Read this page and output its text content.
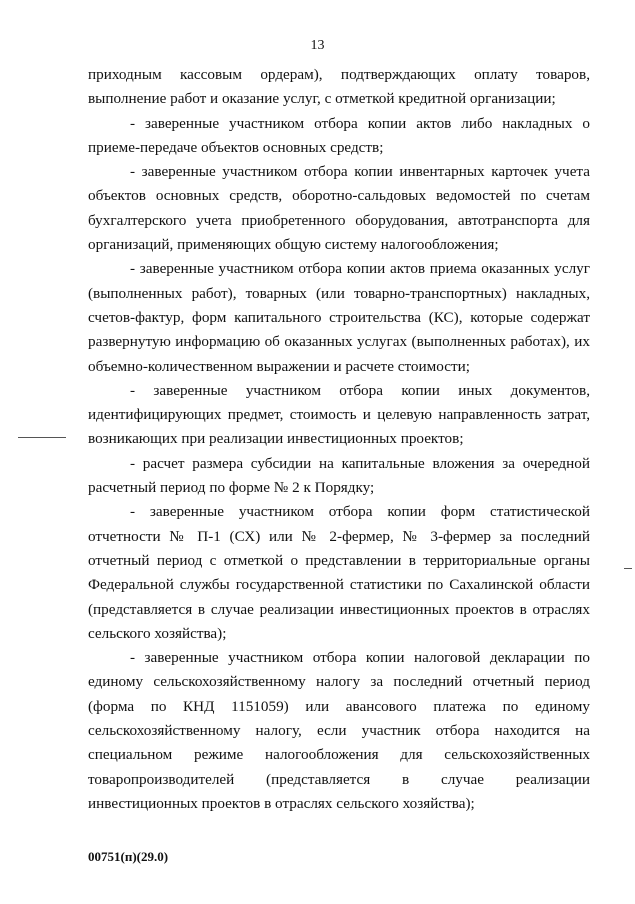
13

приходным кассовым ордерам), подтверждающих оплату товаров, выполнение работ и оказание услуг, с отметкой кредитной организации;

- заверенные участником отбора копии актов либо накладных о приеме-передаче объектов основных средств;

- заверенные участником отбора копии инвентарных карточек учета объектов основных средств, оборотно-сальдовых ведомостей по счетам бухгалтерского учета приобретенного оборудования, автотранспорта для организаций, применяющих общую систему налогообложения;

- заверенные участником отбора копии актов приема оказанных услуг (выполненных работ), товарных (или товарно-транспортных) накладных, счетов-фактур, форм капитального строительства (КС), которые содержат развернутую информацию об оказанных услугах (выполненных работах), их объемно-количественном выражении и расчете стоимости;

- заверенные участником отбора копии иных документов, идентифицирующих предмет, стоимость и целевую направленность затрат, возникающих при реализации инвестиционных проектов;

- расчет размера субсидии на капитальные вложения за очередной расчетный период по форме № 2 к Порядку;

- заверенные участником отбора копии форм статистической отчетности № П-1 (СХ) или № 2-фермер, № 3-фермер за последний отчетный период с отметкой о представлении в территориальные органы Федеральной службы государственной статистики по Сахалинской области (представляется в случае реализации инвестиционных проектов в отраслях сельского хозяйства);

- заверенные участником отбора копии налоговой декларации по единому сельскохозяйственному налогу за последний отчетный период (форма по КНД 1151059) или авансового платежа по единому сельскохозяйственному налогу, если участник отбора находится на специальном режиме налогообложения для сельскохозяйственных товаропроизводителей (представляется в случае реализации инвестиционных проектов в отраслях сельского хозяйства);

00751(п)(29.0)
